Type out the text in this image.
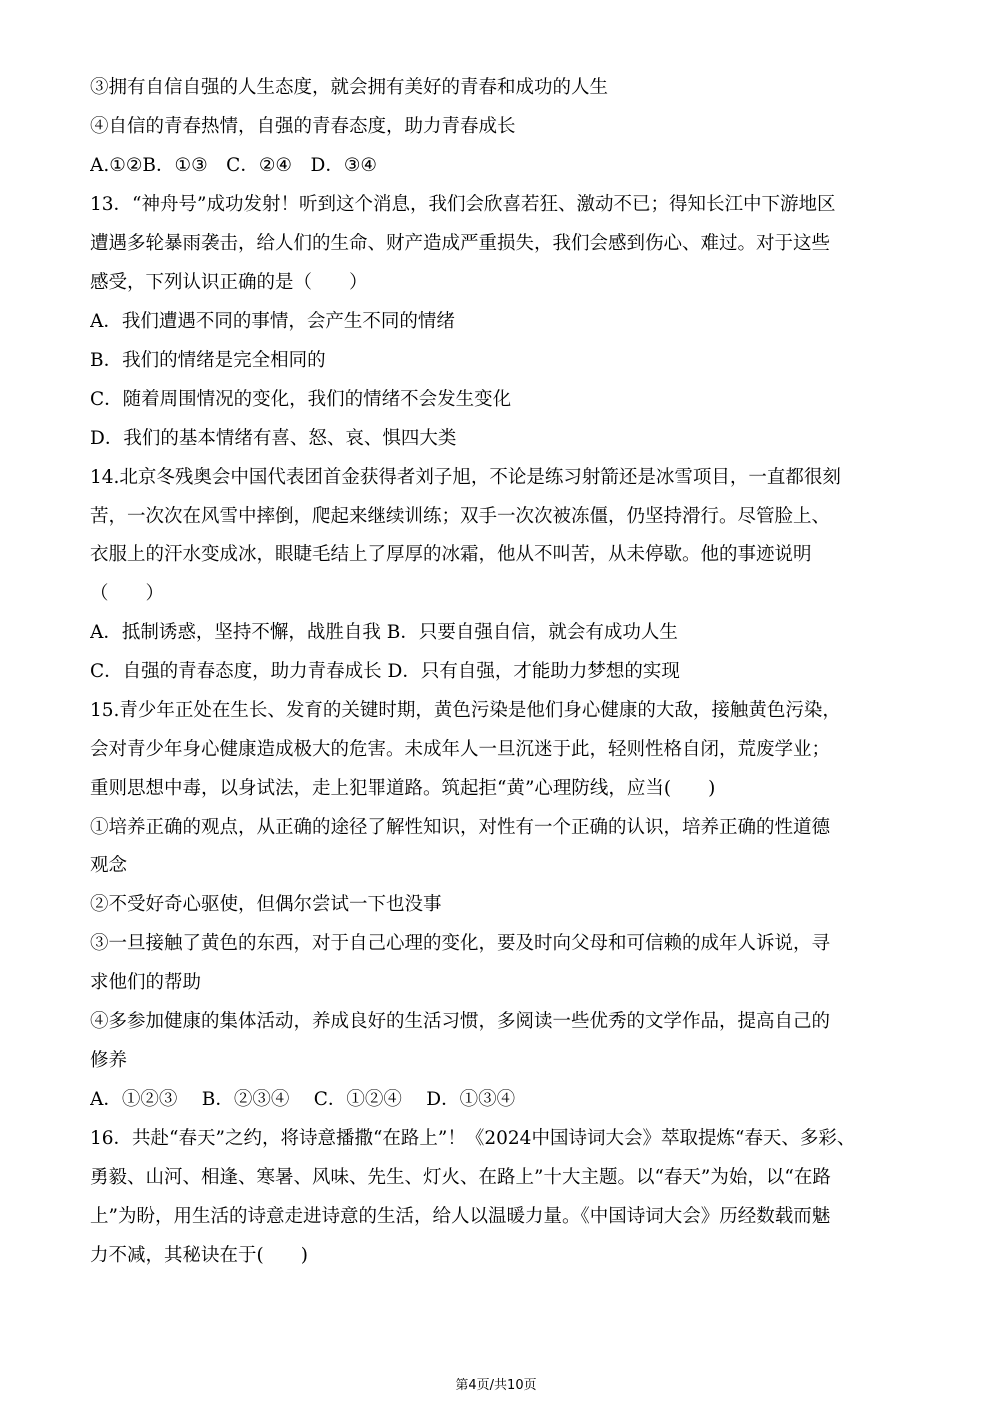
③拥有自信自强的人生态度，就会拥有美好的青春和成功的人生
④自信的青春热情，自强的青春态度，助力青春成长
A.①②B．①③　C．②④　D．③④
13．“神舟号”成功发射！听到这个消息，我们会欣喜若狂、激动不已；得知长江中下游地区
遭遇多轮暴雨袭击，给人们的生命、财产造成严重损失，我们会感到伤心、难过。对于这些
感受，下列认识正确的是（　　）
A．我们遭遇不同的事情，会产生不同的情绪
B．我们的情绪是完全相同的
C．随着周围情况的变化，我们的情绪不会发生变化
D．我们的基本情绪有喜、怒、哀、惧四大类
14.北京冬残奥会中国代表团首金获得者刘子旭，不论是练习射箭还是冰雪项目，一直都很刻
苦，一次次在风雪中摔倒，爬起来继续训练；双手一次次被冻僵，仍坚持滑行。尽管脸上、
衣服上的汗水变成冰，眼睫毛结上了厚厚的冰霜，他从不叫苦，从未停歇。他的事迹说明
（　　）
A．抵制诱惑，坚持不懈，战胜自我 B．只要自强自信，就会有成功人生
C．自强的青春态度，助力青春成长 D．只有自强，才能助力梦想的实现
15.青少年正处在生长、发育的关键时期，黄色污染是他们身心健康的大敌，接触黄色污染，
会对青少年身心健康造成极大的危害。未成年人一旦沉迷于此，轻则性格自闭，荒废学业；
重则思想中毒，以身试法，走上犯罪道路。筑起拒“黄”心理防线，应当(　　)
①培养正确的观点，从正确的途径了解性知识，对性有一个正确的认识，培养正确的性道德
观念
②不受好奇心驱使，但偶尔尝试一下也没事
③一旦接触了黄色的东西，对于自己心理的变化，要及时向父母和可信赖的成年人诉说，寻
求他们的帮助
④多参加健康的集体活动，养成良好的生活习惯，多阅读一些优秀的文学作品，提高自己的
修养
A．①②③　 B．②③④　 C．①②④　 D．①③④
16．共赴“春天”之约，将诗意播撒“在路上”！《2024中国诗词大会》萃取提炼“春天、多彩、
勇毅、山河、相逢、寒暑、风味、先生、灯火、在路上”十大主题。以“春天”为始，以“在路
上”为盼，用生活的诗意走进诗意的生活，给人以温暖力量。《中国诗词大会》历经数载而魅
力不减，其秘诀在于(　　)
第4页/共10页
